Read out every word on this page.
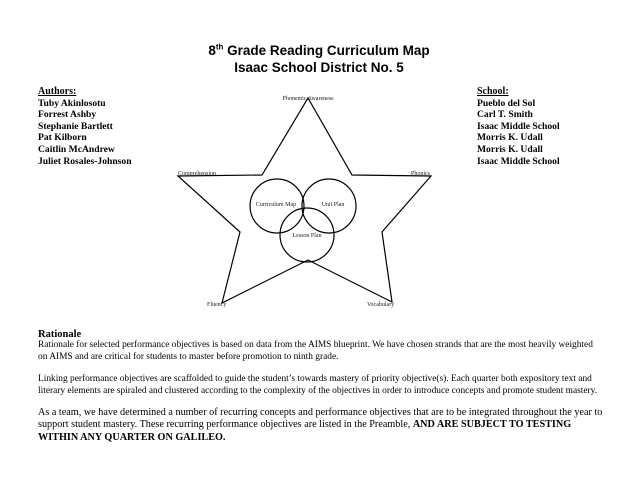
8th Grade Reading Curriculum Map
Isaac School District No. 5
Authors:
Tuby Akinlosotu
Forrest Ashby
Stephanie Bartlett
Pat Kilborn
Caitlin McAndrew
Juliet Rosales-Johnson
School:
Pueblo del Sol
Carl T. Smith
Isaac Middle School
Morris K. Udall
Morris K. Udall
Isaac Middle School
Phonemic Awareness
Comprehension	Phonics
Fluency	Vocabulary
Curriculum Map	Unit Plan
Lesson Plan

Rationale

Rationale for selected performance objectives is based on data from the AIMS blueprint. We have chosen strands that are the most heavily weighted on AIMS and are critical for students to master before promotion to ninth grade.

Linking performance objectives are scaffolded to guide the student’s towards mastery of priority objective(s). Each quarter both expository text and literary elements are spiraled and clustered according to the complexity of the objectives in order to introduce concepts and promote student mastery.

As a team, we have determined a number of recurring concepts and performance objectives that are to be integrated throughout the year to support student mastery. These recurring performance objectives are listed in the Preamble, AND ARE SUBJECT TO TESTING WITHIN ANY QUARTER ON GALILEO.
